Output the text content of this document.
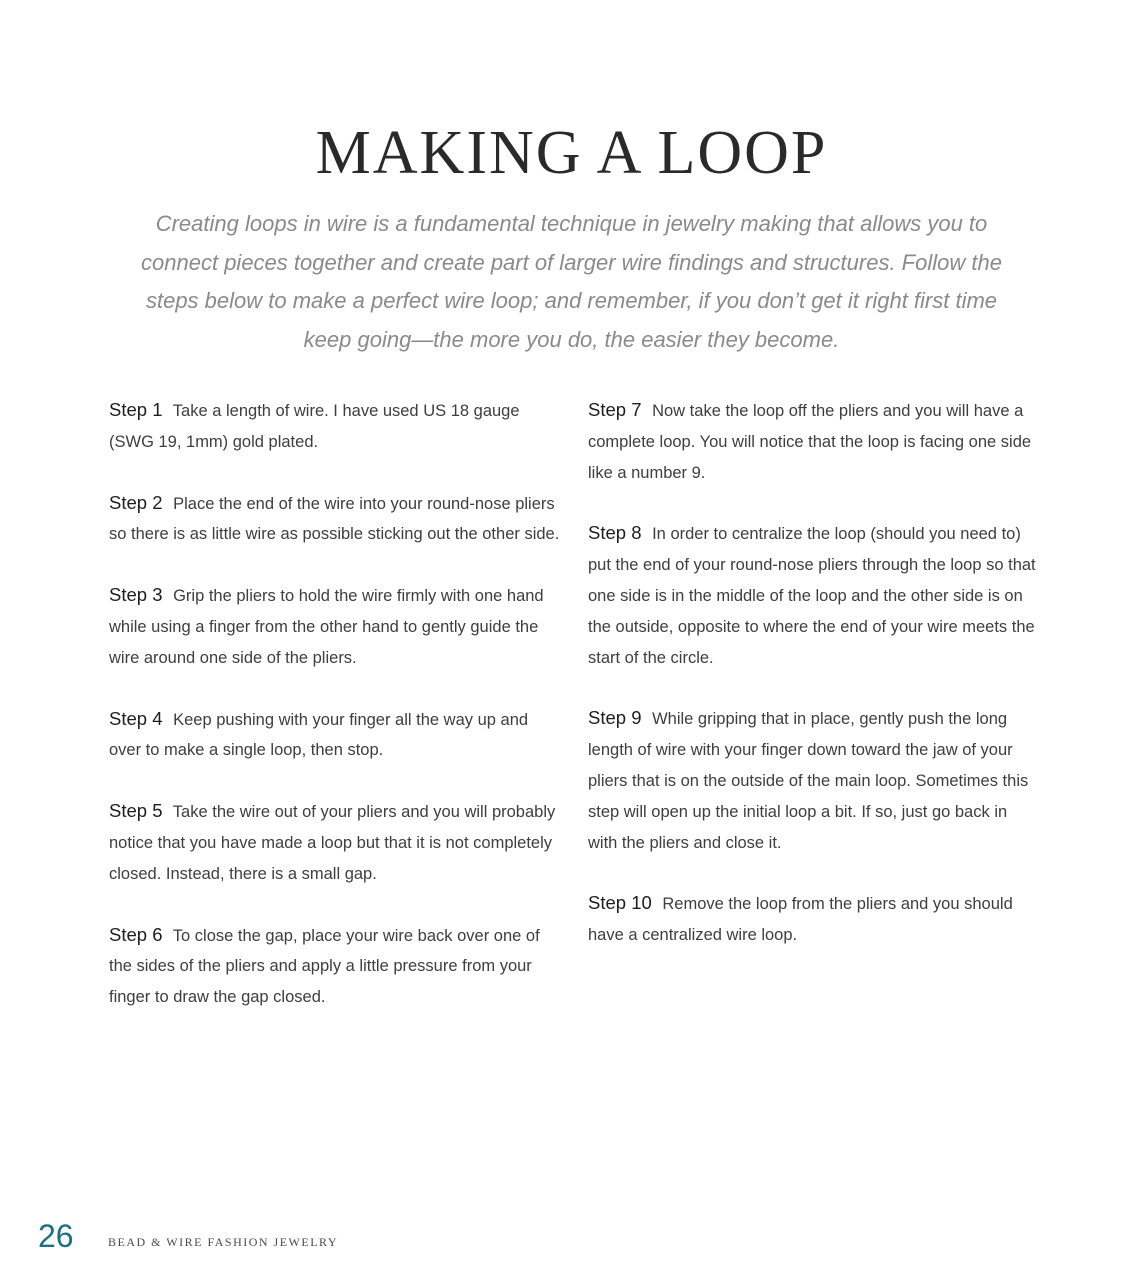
MAKING A LOOP

Creating loops in wire is a fundamental technique in jewelry making that allows you to connect pieces together and create part of larger wire findings and structures. Follow the steps below to make a perfect wire loop; and remember, if you don’t get it right first time keep going—the more you do, the easier they become.

Step 1 Take a length of wire. I have used US 18 gauge (SWG 19, 1mm) gold plated.

Step 2 Place the end of the wire into your round-nose pliers so there is as little wire as possible sticking out the other side.

Step 3 Grip the pliers to hold the wire firmly with one hand while using a finger from the other hand to gently guide the wire around one side of the pliers.

Step 4 Keep pushing with your finger all the way up and over to make a single loop, then stop.

Step 5 Take the wire out of your pliers and you will probably notice that you have made a loop but that it is not completely closed. Instead, there is a small gap.

Step 6 To close the gap, place your wire back over one of the sides of the pliers and apply a little pressure from your finger to draw the gap closed.

Step 7 Now take the loop off the pliers and you will have a complete loop. You will notice that the loop is facing one side like a number 9.

Step 8 In order to centralize the loop (should you need to) put the end of your round-nose pliers through the loop so that one side is in the middle of the loop and the other side is on the outside, opposite to where the end of your wire meets the start of the circle.

Step 9 While gripping that in place, gently push the long length of wire with your finger down toward the jaw of your pliers that is on the outside of the main loop. Sometimes this step will open up the initial loop a bit. If so, just go back in with the pliers and close it.

Step 10 Remove the loop from the pliers and you should have a centralized wire loop.

26	BEAD & WIRE FASHION JEWELRY
